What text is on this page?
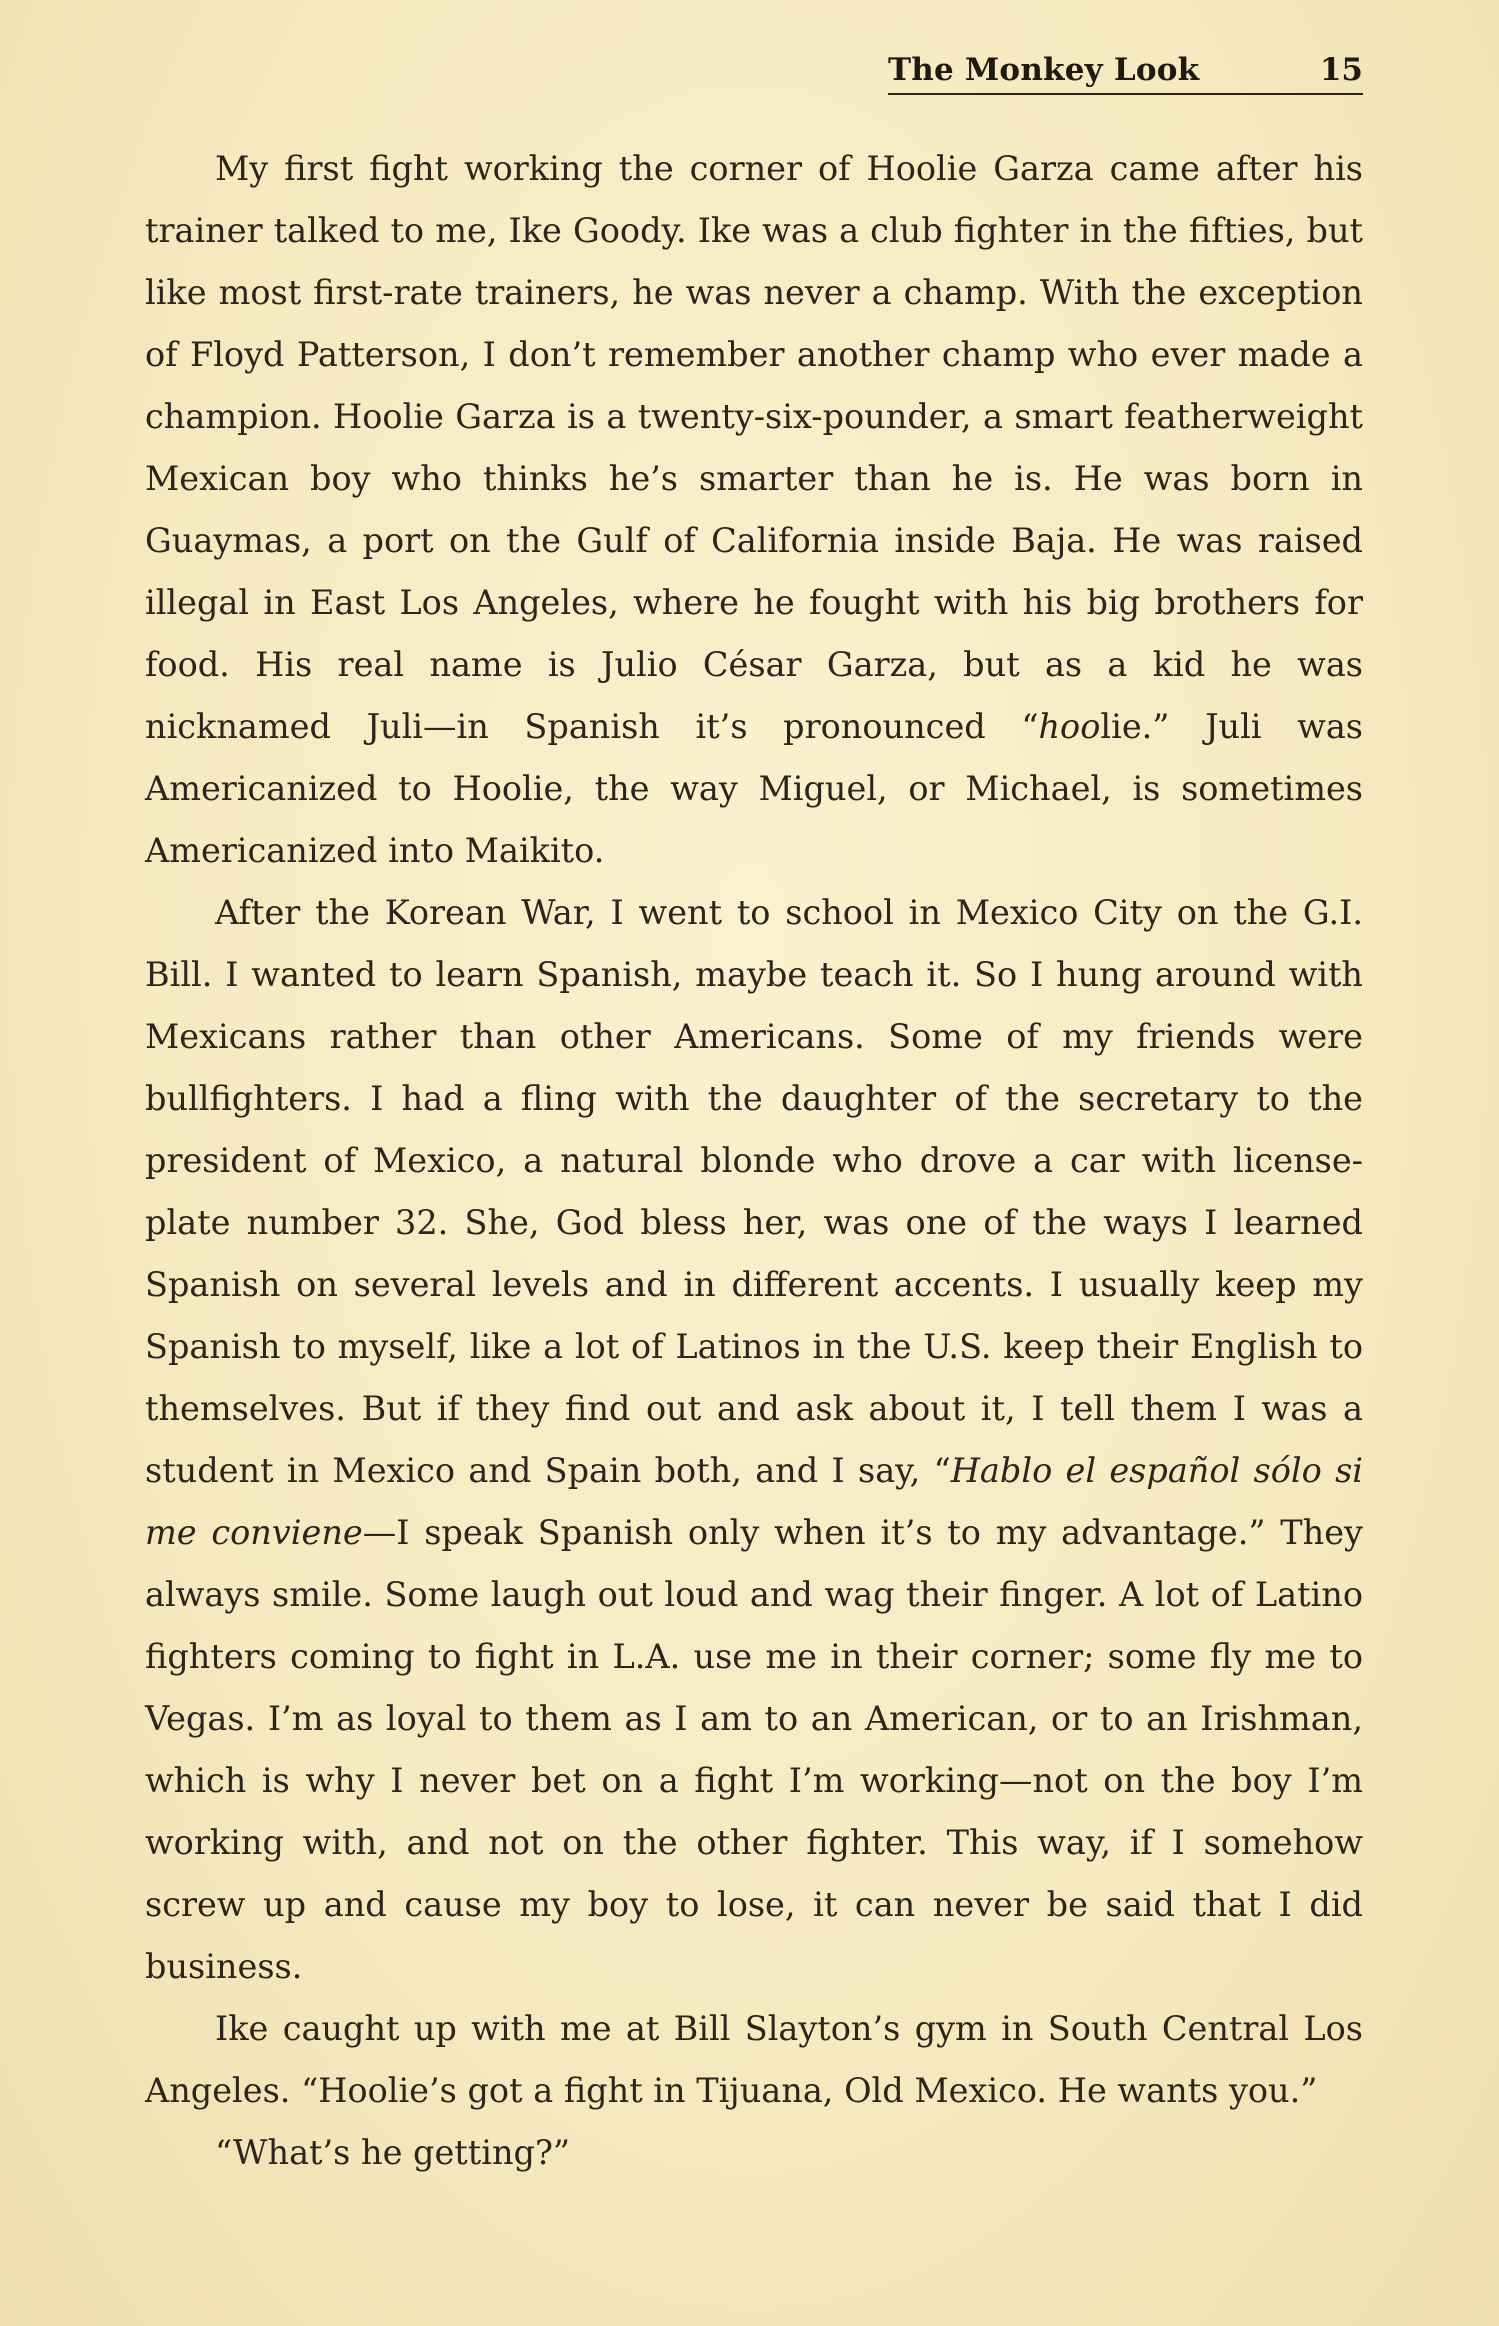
The Monkey Look	15

My first fight working the corner of Hoolie Garza came after his trainer talked to me, Ike Goody. Ike was a club fighter in the fifties, but like most first-rate trainers, he was never a champ. With the exception of Floyd Patterson, I don’t remember another champ who ever made a champion. Hoolie Garza is a twenty-six-pounder, a smart featherweight Mexican boy who thinks he’s smarter than he is. He was born in Guaymas, a port on the Gulf of California inside Baja. He was raised illegal in East Los Angeles, where he fought with his big brothers for food. His real name is Julio César Garza, but as a kid he was nicknamed Juli—in Spanish it’s pronounced “hoolie.” Juli was Americanized to Hoolie, the way Miguel, or Michael, is sometimes Americanized into Maikito.

After the Korean War, I went to school in Mexico City on the G.I. Bill. I wanted to learn Spanish, maybe teach it. So I hung around with Mexicans rather than other Americans. Some of my friends were bullfighters. I had a fling with the daughter of the secretary to the president of Mexico, a natural blonde who drove a car with license-plate number 32. She, God bless her, was one of the ways I learned Spanish on several levels and in different accents. I usually keep my Spanish to myself, like a lot of Latinos in the U.S. keep their English to themselves. But if they find out and ask about it, I tell them I was a student in Mexico and Spain both, and I say, “Hablo el español sólo si me conviene—I speak Spanish only when it’s to my advantage.” They always smile. Some laugh out loud and wag their finger. A lot of Latino fighters coming to fight in L.A. use me in their corner; some fly me to Vegas. I’m as loyal to them as I am to an American, or to an Irishman, which is why I never bet on a fight I’m working—not on the boy I’m working with, and not on the other fighter. This way, if I somehow screw up and cause my boy to lose, it can never be said that I did business.

Ike caught up with me at Bill Slayton’s gym in South Central Los Angeles. “Hoolie’s got a fight in Tijuana, Old Mexico. He wants you.”

“What’s he getting?”
